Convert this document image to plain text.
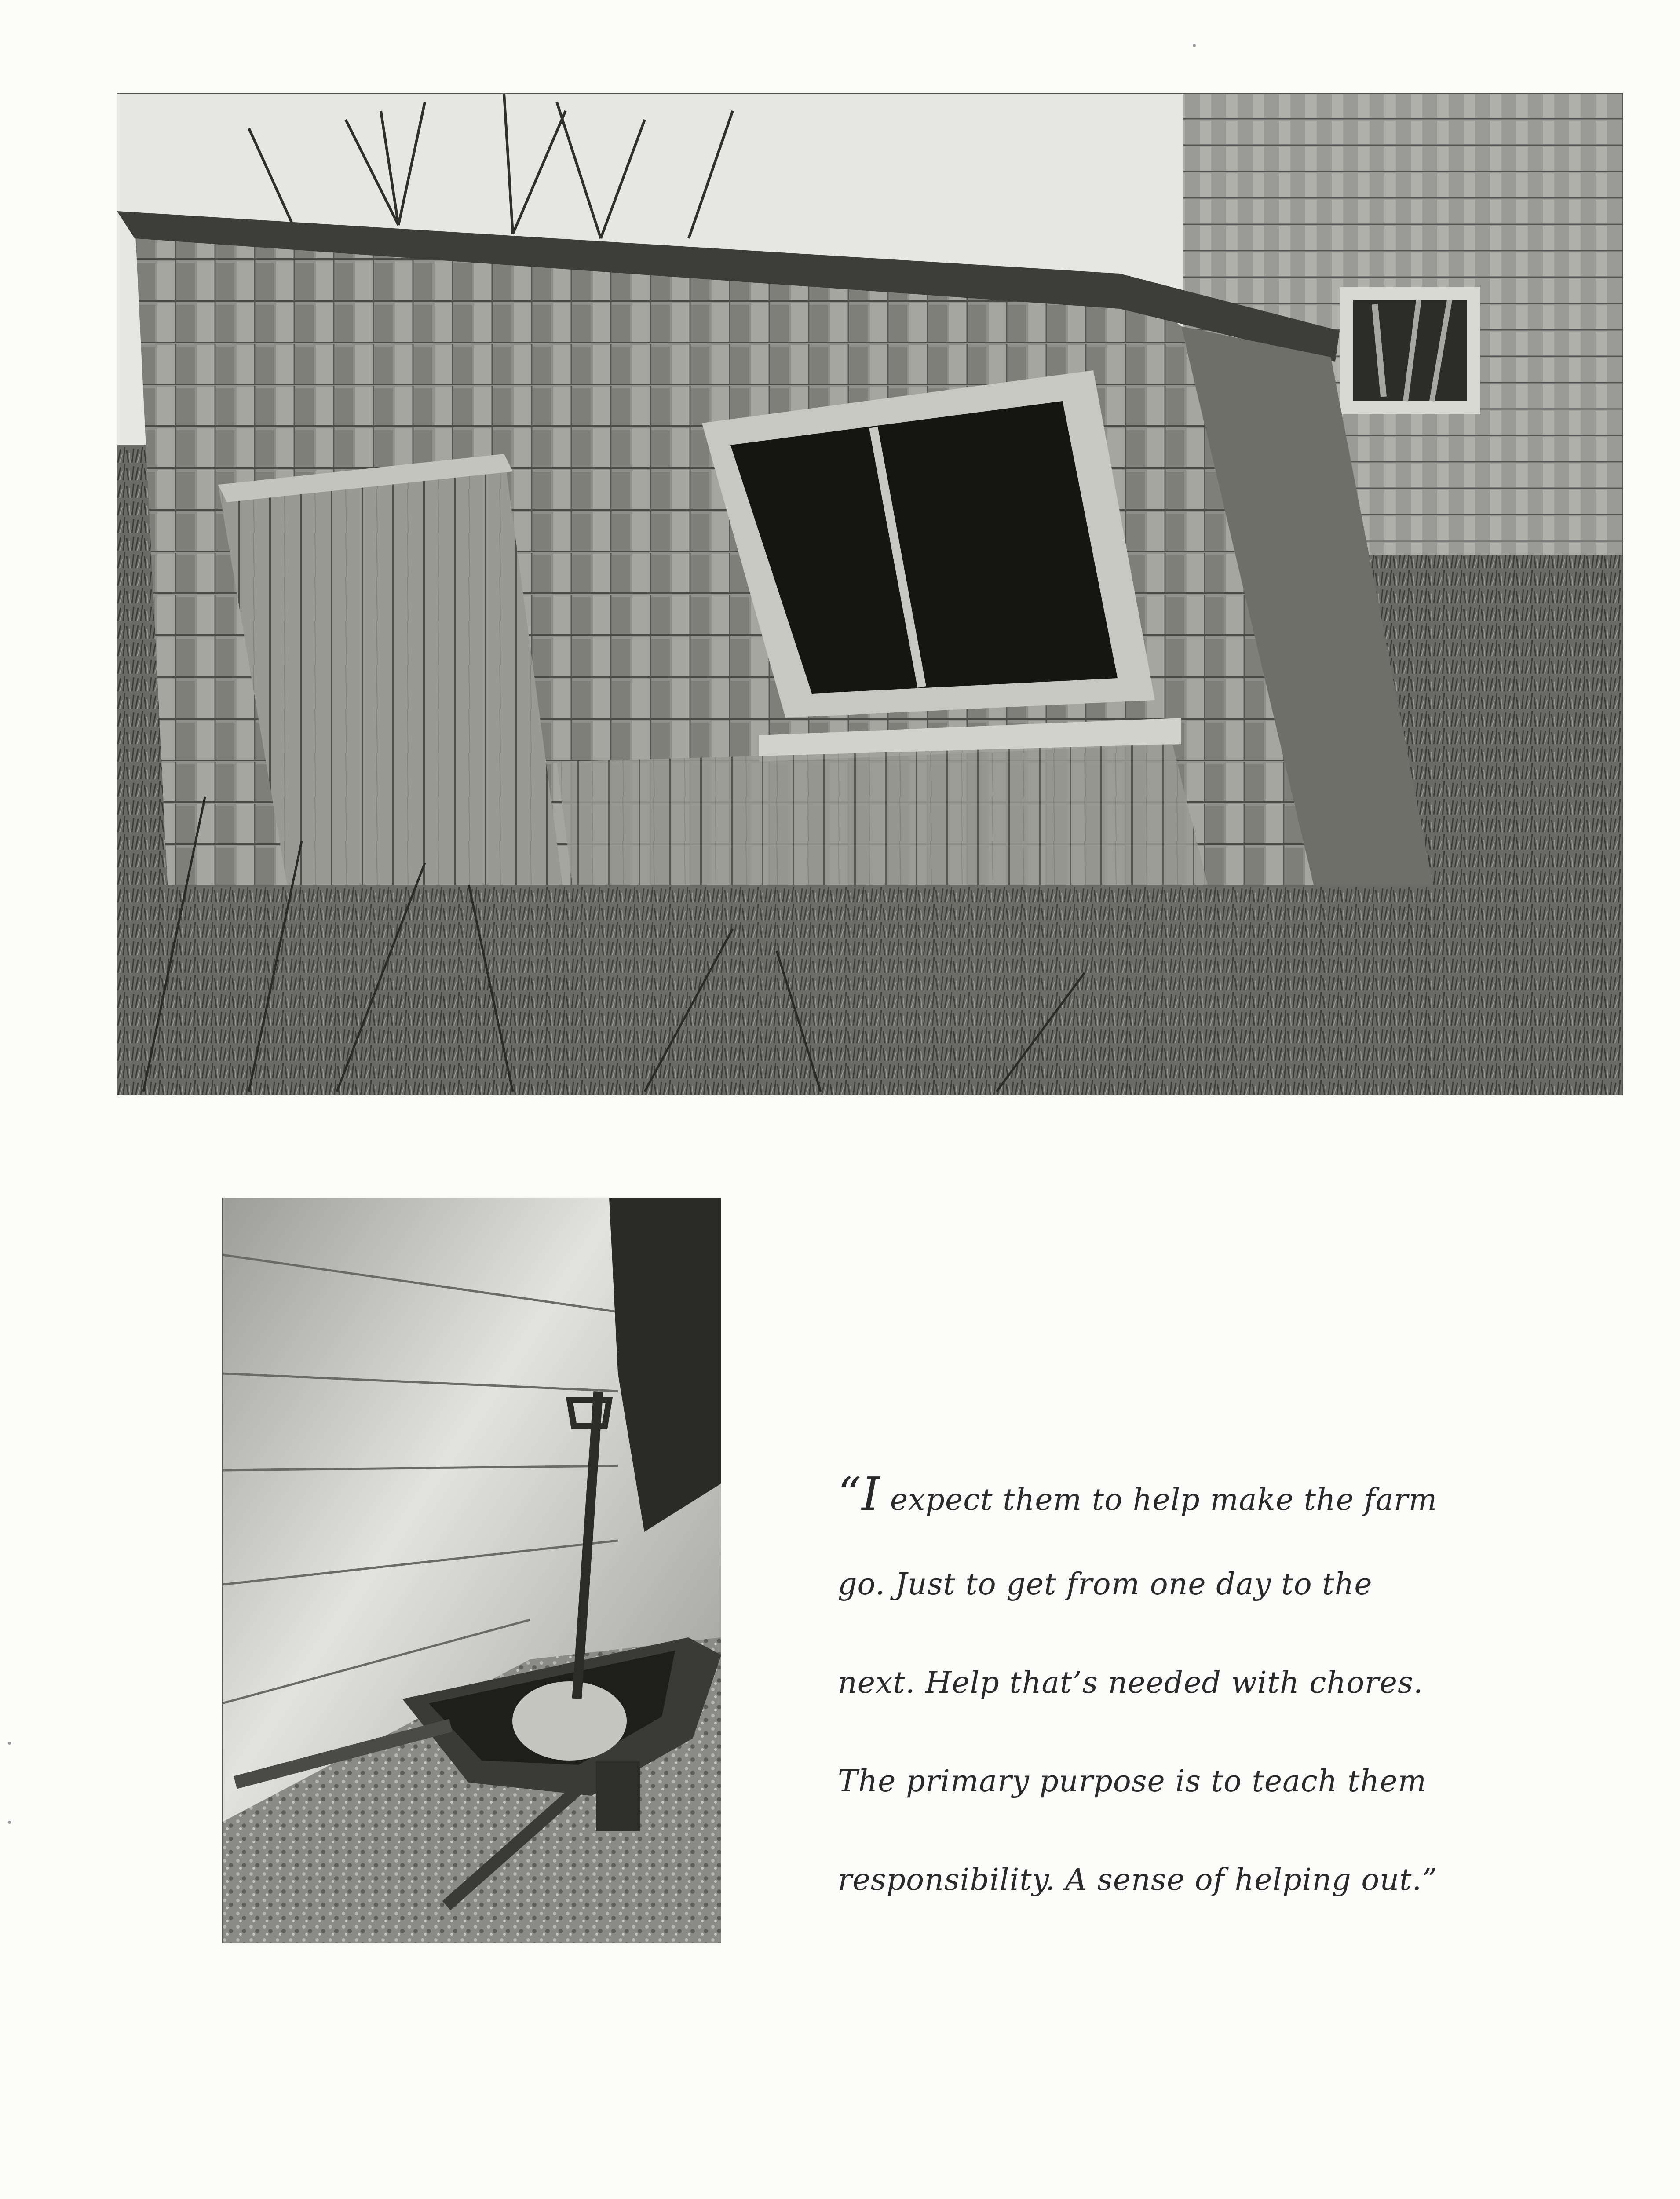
“I expect them to help make the farm
go. Just to get from one day to the
next. Help that’s needed with chores.
The primary purpose is to teach them
responsibility. A sense of helping out.”
